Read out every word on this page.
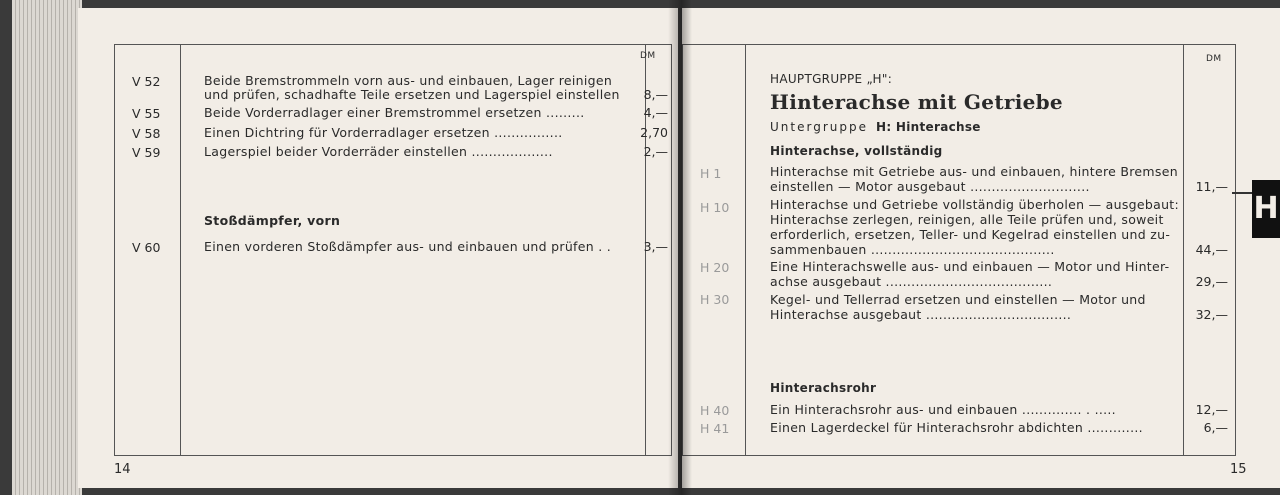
DM
V 52	Beide Bremstrommeln vorn aus- und einbauen, Lager reinigen
und prüfen, schadhafte Teile ersetzen und Lagerspiel einstellen	8,—
V 55	Beide Vorderradlager einer Bremstrommel ersetzen .........	4,—
V 58	Einen Dichtring für Vorderradlager ersetzen ................	2,70
V 59	Lagerspiel beider Vorderräder einstellen ...................	2,—
Stoßdämpfer, vorn
V 60	Einen vorderen Stoßdämpfer aus- und einbauen und prüfen . .	3,—
14
DM
HAUPTGRUPPE „H":
Hinterachse mit Getriebe
Untergruppe H: Hinterachse
Hinterachse, vollständig
H 1	Hinterachse mit Getriebe aus- und einbauen, hintere Bremsen
einstellen — Motor ausgebaut ............................	11,—
H 10	Hinterachse und Getriebe vollständig überholen — ausgebaut:
Hinterachse zerlegen, reinigen, alle Teile prüfen und, soweit
erforderlich, ersetzen, Teller- und Kegelrad einstellen und zu-
sammenbauen ...........................................	44,—
H 20	Eine Hinterachswelle aus- und einbauen — Motor und Hinter-
achse ausgebaut .......................................	29,—
H 30	Kegel- und Tellerrad ersetzen und einstellen — Motor und
Hinterachse ausgebaut ..................................	32,—
Hinterachsrohr
H 40	Ein Hinterachsrohr aus- und einbauen .............. . .....	12,—
H 41	Einen Lagerdeckel für Hinterachsrohr abdichten .............	6,—
H
15
